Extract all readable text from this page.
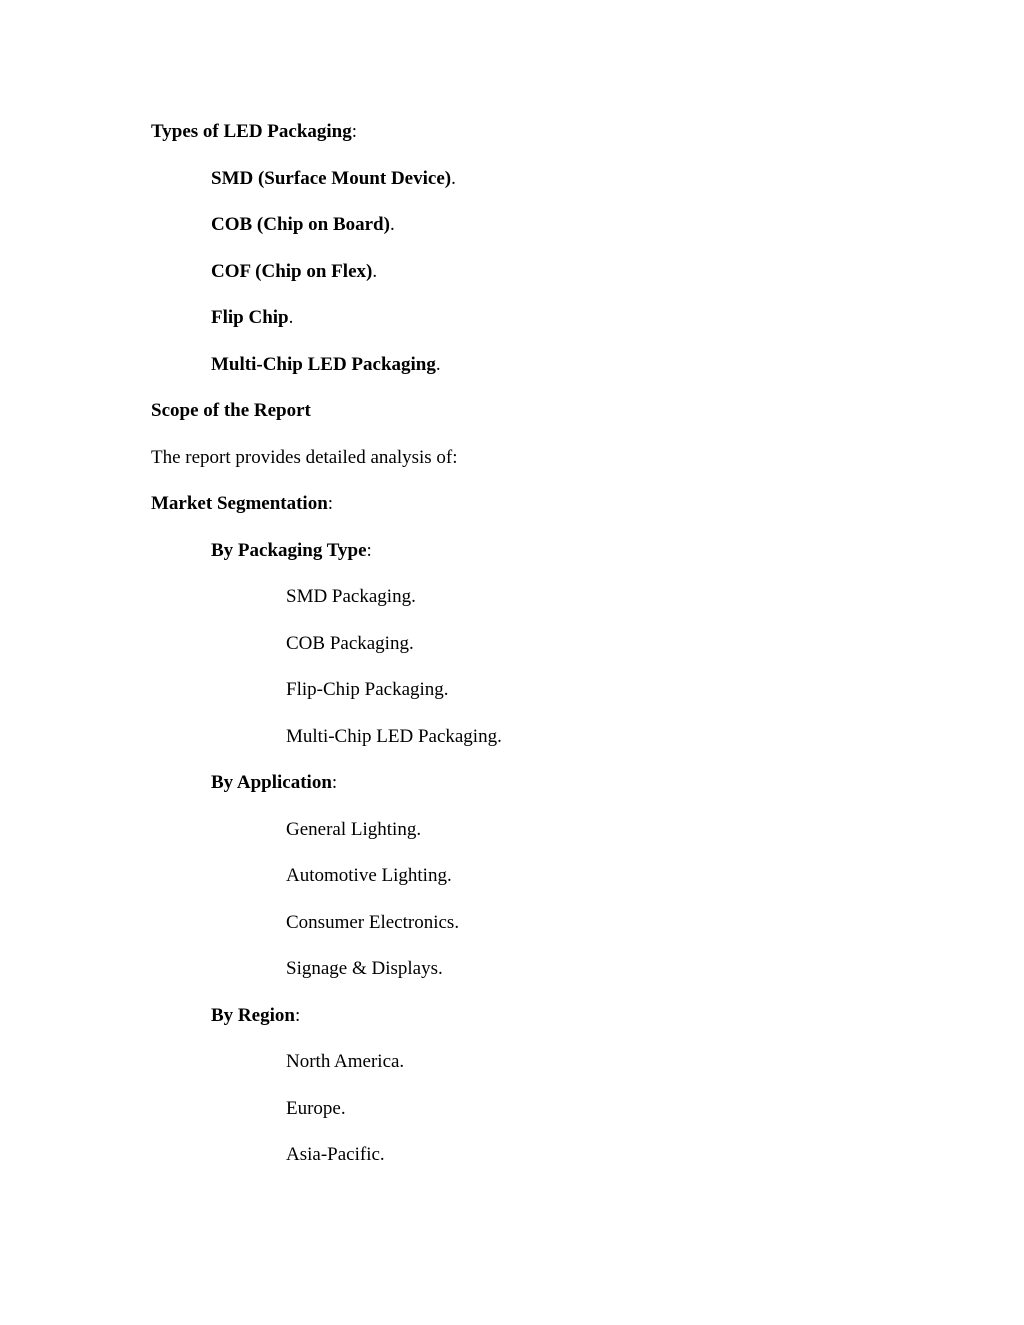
Types of LED Packaging:
SMD (Surface Mount Device).
COB (Chip on Board).
COF (Chip on Flex).
Flip Chip.
Multi-Chip LED Packaging.
Scope of the Report
The report provides detailed analysis of:
Market Segmentation:
By Packaging Type:
SMD Packaging.
COB Packaging.
Flip-Chip Packaging.
Multi-Chip LED Packaging.
By Application:
General Lighting.
Automotive Lighting.
Consumer Electronics.
Signage & Displays.
By Region:
North America.
Europe.
Asia-Pacific.
